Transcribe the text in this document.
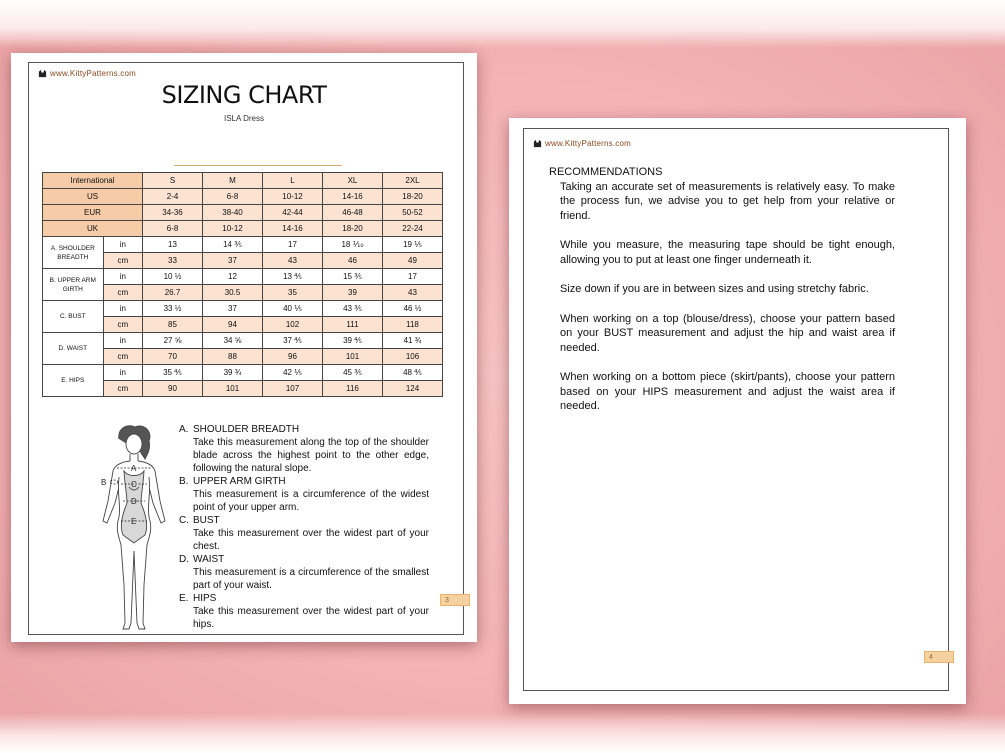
www.KittyPatterns.com
SIZING CHART
ISLA Dress
International		S	M	L	XL	2XL
US		2-4	6-8	10-12	14-16	18-20
EUR		34-36	38-40	42-44	46-48	50-52
UK		6-8	10-12	14-16	18-20	22-24
A. SHOULDER BREADTH	in	13	14 ⅗	17	18 ⅒	19 ⅕
	cm	33	37	43	46	49
B. UPPER ARM GIRTH	in	10 ½	12	13 ⅘	15 ⅗	17
	cm	26.7	30.5	35	39	43
C. BUST	in	33 ½	37	40 ⅕	43 ⅗	46 ½
	cm	85	94	102	111	118
D. WAIST	in	27 ⅝	34 ⅝	37 ⅘	39 ⅘	41 ¾
	cm	70	88	96	101	106
E. HIPS	in	35 ⅘	39 ¾	42 ⅕	45 ⅗	48 ⅘
	cm	90	101	107	116	124
A
B	C
D
E
A. SHOULDER BREADTH
Take this measurement along the top of the shoulder blade across the highest point to the other edge, following the natural slope.
B. UPPER ARM GIRTH
This measurement is a circumference of the widest point of your upper arm.
C. BUST
Take this measurement over the widest part of your chest.
D. WAIST
This measurement is a circumference of the smallest part of your waist.
E. HIPS
Take this measurement over the widest part of your hips.
3
www.KittyPatterns.com
RECOMMENDATIONS

Taking an accurate set of measurements is relatively easy. To make the process fun, we advise you to get help from your relative or friend.

While you measure, the measuring tape should be tight enough, allowing you to put at least one finger underneath it.

Size down if you are in between sizes and using stretchy fabric.

When working on a top (blouse/dress), choose your pattern based on your BUST measurement and adjust the hip and waist area if needed.

When working on a bottom piece (skirt/pants), choose your pattern based on your HIPS measurement and adjust the waist area if needed.

4
